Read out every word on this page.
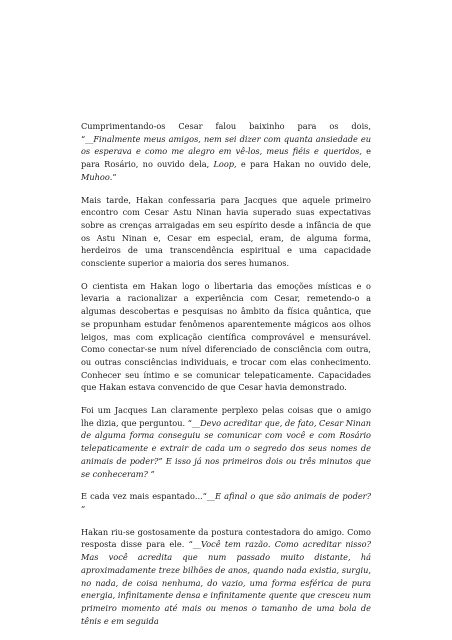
Cumprimentando-os Cesar falou baixinho para os dois, “__Finalmente meus amigos, nem sei dizer com quanta ansiedade eu os esperava e como me alegro em vê-los, meus fiéis e queridos, e para Rosário, no ouvido dela, Loop, e para Hakan no ouvido dele, Muhoo.”

Mais tarde, Hakan confessaria para Jacques que aquele primeiro encontro com Cesar Astu Ninan havia superado suas expectativas sobre as crenças arraigadas em seu espírito desde a infância de que os Astu Ninan e, Cesar em especial, eram, de alguma forma, herdeiros de uma transcendência espiritual e uma capacidade consciente superior a maioria dos seres humanos.

O cientista em Hakan logo o libertaria das emoções místicas e o levaria a racionalizar a experiência com Cesar, remetendo-o a algumas descobertas e pesquisas no âmbito da física quântica, que se propunham estudar fenômenos aparentemente mágicos aos olhos leigos, mas com explicação científica comprovável e mensurável. Como conectar-se num nível diferenciado de consciência com outra, ou outras consciências individuais, e trocar com elas conhecimento. Conhecer seu íntimo e se comunicar telepaticamente. Capacidades que Hakan estava convencido de que Cesar havia demonstrado.

Foi um Jacques Lan claramente perplexo pelas coisas que o amigo lhe dizia, que perguntou. “__Devo acreditar que, de fato, Cesar Ninan de alguma forma conseguiu se comunicar com você e com Rosário telepaticamente e extrair de cada um o segredo dos seus nomes de animais de poder?” E isso já nos primeiros dois ou três minutos que se conheceram? ”

E cada vez mais espantado...“__E afinal o que são animais de poder? ”

Hakan riu-se gostosamente da postura contestadora do amigo. Como resposta disse para ele. “__Você tem razão. Como acreditar nisso? Mas você acredita que num passado muito distante, há aproximadamente treze bilhões de anos, quando nada existia, surgiu, no nada, de coisa nenhuma, do vazio, uma forma esférica de pura energia, infinitamente densa e infinitamente quente que cresceu num primeiro momento até mais ou menos o tamanho de uma bola de tênis e em seguida
